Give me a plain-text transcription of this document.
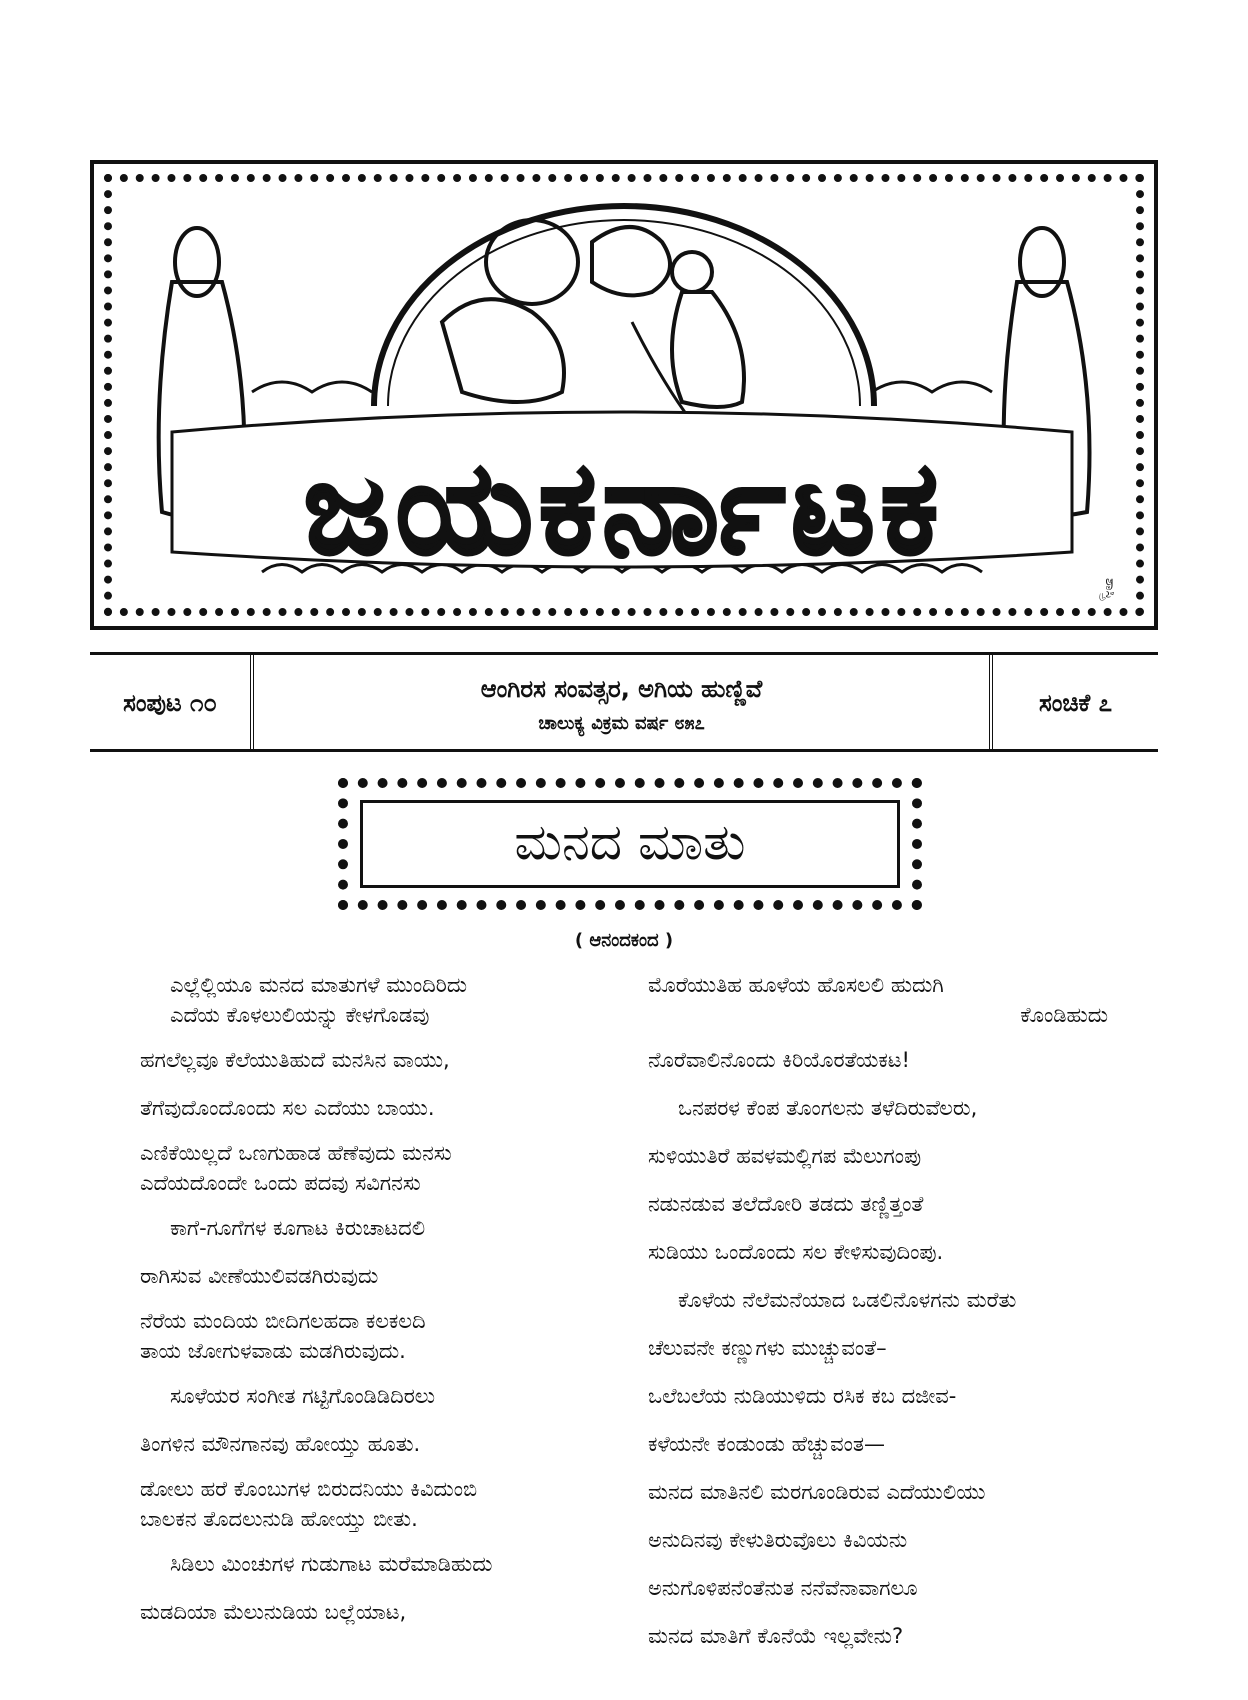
ಜಯಕರ್ನಾಟಕ
ಶಾಸ್ತ್ರಿ
ಸಂಪುಟ ೧೦	ಆಂಗಿರಸ ಸಂವತ್ಸರ, ಅಗಿಯ ಹುಣ್ಣಿವೆ
ಚಾಲುಕ್ಯ ವಿಕ್ರಮ ವರ್ಷ ೮೫೭
ಸಂಚಿಕೆ ೭
ಮನದ ಮಾತು
( ಆನಂದಕಂದ )
ಎಲ್ಲೆಲ್ಲಿಯೂ ಮನದ ಮಾತುಗಳೆ ಮುಂದಿರಿದು
ಎದೆಯ ಕೊಳಲುಲಿಯನ್ನು ಕೇಳಗೊಡವು
ಹಗಲೆಲ್ಲವೂ ಕೆಲೆಯುತಿಹುದೆ ಮನಸಿನ ವಾಯು,
ತೆಗೆವುದೊಂದೊಂದು ಸಲ ಎದೆಯು ಬಾಯು.
ಎಣಿಕೆಯಿಲ್ಲದೆ ಒಣಗುಹಾಡ ಹೆಣೆವುದು ಮನಸು
ಎದೆಯದೊಂದೇ ಒಂದು ಪದವು ಸವಿಗನಸು
ಕಾಗೆ-ಗೂಗೆಗಳ ಕೂಗಾಟ ಕಿರುಚಾಟದಲಿ
ರಾಗಿಸುವ ವೀಣೆಯುಲಿವಡಗಿರುವುದು
ನೆರೆಯ ಮಂದಿಯ ಬೀದಿಗಲಹದಾ ಕಲಕಲದಿ
ತಾಯ ಜೋಗುಳವಾಡು ಮಡಗಿರುವುದು.
ಸೂಳೆಯರ ಸಂಗೀತ ಗಟ್ಟಿಗೊಂಡಿಡಿದಿರಲು
ತಿಂಗಳಿನ ಮೌನಗಾನವು ಹೋಯ್ತು ಹೂತು.
ಡೋಲು ಹರೆ ಕೊಂಬುಗಳ ಬಿರುದನಿಯು ಕಿವಿದುಂಬಿ
ಬಾಲಕನ ತೊದಲುನುಡಿ ಹೋಯ್ತು ಬೀತು.
ಸಿಡಿಲು ಮಿಂಚುಗಳ ಗುಡುಗಾಟ ಮರೆಮಾಡಿಹುದು
ಮಡದಿಯಾ ಮೆಲುನುಡಿಯ ಬಲ್ಲೆಯಾಟ,
ಮೊರೆಯುತಿಹ ಹೂಳೆಯ ಹೊಸಲಲಿ ಹುದುಗಿ
ಕೊಂಡಿಹುದು
ನೊರೆವಾಲಿನೊಂದು ಕಿರಿಯೊರತೆಯಕಟ!
ಒನಪರಳ ಕೆಂಪ ತೊಂಗಲನು ತಳೆದಿರುವೆಲರು,
ಸುಳಿಯುತಿರೆ ಹವಳಮಲ್ಲಿಗಪ ಮೆಲುಗಂಪು
ನಡುನಡುವ ತಲೆದೋರಿ ತಡದು ತಣ್ಣಿತ್ತಂತೆ
ಸುಡಿಯು ಒಂದೊಂದು ಸಲ ಕೇಳಿಸುವುದಿಂಪು.
ಕೊಳೆಯ ನೆಲೆಮನೆಯಾದ ಒಡಲಿನೊಳಗನು ಮರೆತು
ಚೆಲುವನೇ ಕಣ್ಣುಗಳು ಮುಚ್ಚುವಂತೆ–
ಒಲೆಬಲೆಯ ನುಡಿಯುಳಿದು ರಸಿಕ ಕಬ ದಜೀವ-
ಕಳೆಯನೇ ಕಂಡುಂಡು ಹೆಚ್ಚುವಂತ—
ಮನದ ಮಾತಿನಲಿ ಮರಗೂಂಡಿರುವ ಎದೆಯುಲಿಯು
ಅನುದಿನವು ಕೇಳುತಿರುವೊಲು ಕಿವಿಯನು
ಅನುಗೊಳಿಪನೆಂತೆನುತ ನನೆವೆನಾವಾಗಲೂ
ಮನದ ಮಾತಿಗೆ ಕೊನೆಯೆ ಇಲ್ಲವೇನು?
